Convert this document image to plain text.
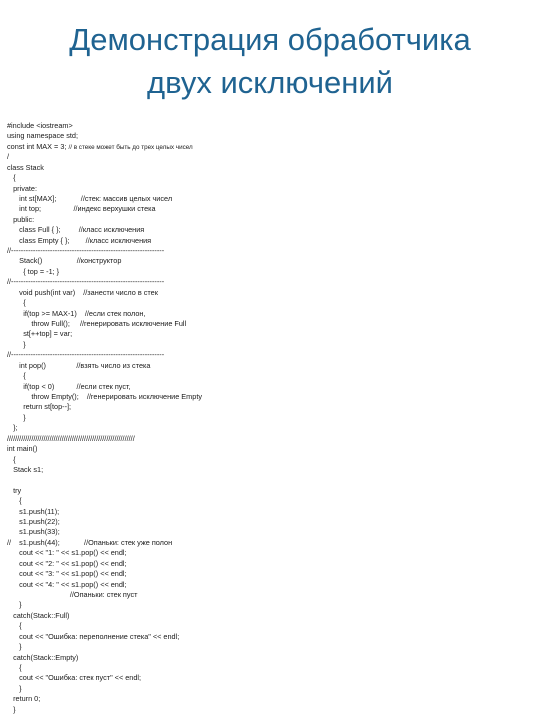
Демонстрация обработчика
двух исключений
#include <iostream>
using namespace std;
const int MAX = 3; // в стеке может быть до трех целых чисел
/
class Stack
{
private:
int st[MAX];            //стек: массив целых чисел
int top;                //индекс верхушки стека
public:
class Full { };         //класс исключения
class Empty { };        //класс исключения
//---------------------------------------------------------------
Stack()                 //конструктор
{ top = -1; }
//---------------------------------------------------------------
void push(int var)    //занести число в стек
{
if(top >= MAX-1)    //если стек полон,
throw Full();     //генерировать исключение Full
st[++top] = var;
}
//---------------------------------------------------------------
int pop()               //взять число из стека
{
if(top < 0)           //если стек пуст,
throw Empty();    //генерировать исключение Empty
return st[top--];
}
};
///////////////////////////////////////////////////////////////
int main()
{
Stack s1;
try
{
s1.push(11);
s1.push(22);
s1.push(33);
//    s1.push(44);            //Опаньки: стек уже полон
cout << "1: " << s1.pop() << endl;
cout << "2: " << s1.pop() << endl;
cout << "3: " << s1.pop() << endl;
cout << "4: " << s1.pop() << endl;
//Опаньки: стек пуст
}
catch(Stack::Full)
{
cout << "Ошибка: переполнение стека" << endl;
}
catch(Stack::Empty)
{
cout << "Ошибка: стек пуст" << endl;
}
return 0;
}
